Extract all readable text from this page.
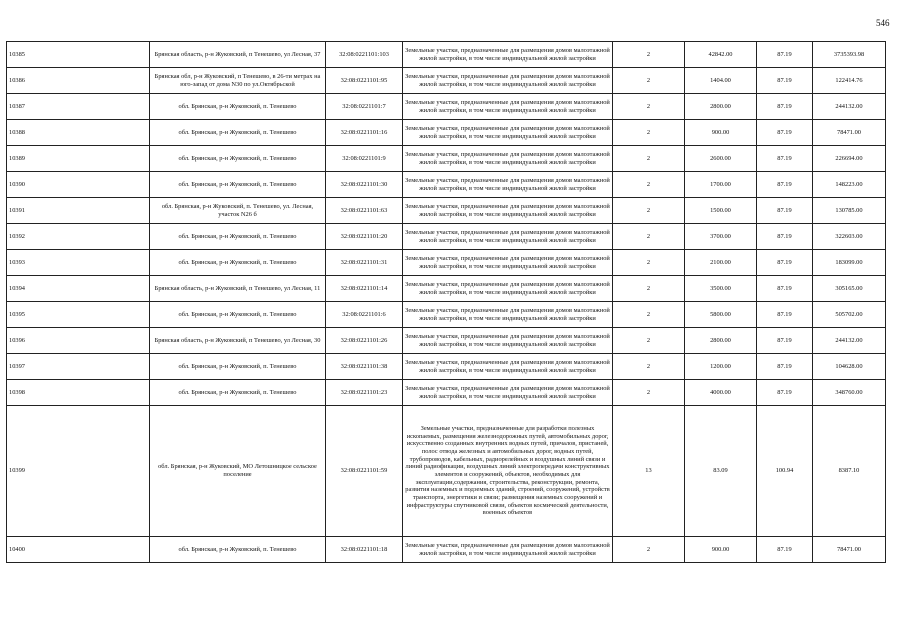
546
10385	Брянская область, р-н Жуковский, п Тенешево, ул Лесная, 37	32:08:0221101:103	Земельные участки, предназначенные для размещения домов малоэтажной жилой застройки, в том числе индивидуальной жилой застройки	2	42842.00	87.19	3735393.98
10386	Брянская обл, р-н Жуковский, п Тенешево, в 26-ти метрах на юго-запад от дома N30 по ул.Октябрьской	32:08:0221101:95	Земельные участки, предназначенные для размещения домов малоэтажной жилой застройки, в том числе индивидуальной жилой застройки	2	1404.00	87.19	122414.76
10387	обл. Брянская, р-н Жуковский, п. Тенешево	32:08:0221101:7	Земельные участки, предназначенные для размещения домов малоэтажной жилой застройки, в том числе индивидуальной жилой застройки	2	2800.00	87.19	244132.00
10388	обл. Брянская, р-н Жуковский, п. Тенешево	32:08:0221101:16	Земельные участки, предназначенные для размещения домов малоэтажной жилой застройки, в том числе индивидуальной жилой застройки	2	900.00	87.19	78471.00
10389	обл. Брянская, р-н Жуковский, п. Тенешево	32:08:0221101:9	Земельные участки, предназначенные для размещения домов малоэтажной жилой застройки, в том числе индивидуальной жилой застройки	2	2600.00	87.19	226694.00
10390	обл. Брянская, р-н Жуковский, п. Тенешево	32:08:0221101:30	Земельные участки, предназначенные для размещения домов малоэтажной жилой застройки, в том числе индивидуальной жилой застройки	2	1700.00	87.19	148223.00
10391	обл. Брянская, р-н Жуковский, п. Тенешево, ул. Лесная, участок N26 б	32:08:0221101:63	Земельные участки, предназначенные для размещения домов малоэтажной жилой застройки, в том числе индивидуальной жилой застройки	2	1500.00	87.19	130785.00
10392	обл. Брянская, р-н Жуковский, п. Тенешево	32:08:0221101:20	Земельные участки, предназначенные для размещения домов малоэтажной жилой застройки, в том числе индивидуальной жилой застройки	2	3700.00	87.19	322603.00
10393	обл. Брянская, р-н Жуковский, п. Тенешево	32:08:0221101:31	Земельные участки, предназначенные для размещения домов малоэтажной жилой застройки, в том числе индивидуальной жилой застройки	2	2100.00	87.19	183099.00
10394	Брянская область, р-н Жуковский, п Тенешево, ул Лесная, 11	32:08:0221101:14	Земельные участки, предназначенные для размещения домов малоэтажной жилой застройки, в том числе индивидуальной жилой застройки	2	3500.00	87.19	305165.00
10395	обл. Брянская, р-н Жуковский, п. Тенешево	32:08:0221101:6	Земельные участки, предназначенные для размещения домов малоэтажной жилой застройки, в том числе индивидуальной жилой застройки	2	5800.00	87.19	505702.00
10396	Брянская область, р-н Жуковский, п Тенешево, ул Лесная, 30	32:08:0221101:26	Земельные участки, предназначенные для размещения домов малоэтажной жилой застройки, в том числе индивидуальной жилой застройки	2	2800.00	87.19	244132.00
10397	обл. Брянская, р-н Жуковский, п. Тенешево	32:08:0221101:38	Земельные участки, предназначенные для размещения домов малоэтажной жилой застройки, в том числе индивидуальной жилой застройки	2	1200.00	87.19	104628.00
10398	обл. Брянская, р-н Жуковский, п. Тенешево	32:08:0221101:23	Земельные участки, предназначенные для размещения домов малоэтажной жилой застройки, в том числе индивидуальной жилой застройки	2	4000.00	87.19	348760.00
10399	обл. Брянская, р-н Жуковский, МО Летошницкое сельское поселение	32:08:0221101:59	Земельные участки, предназначенные для разработки полезных ископаемых, размещения железнодорожных путей, автомобильных дорог, искусственно созданных внутренних водных путей, причалов, пристаней, полос отвода железных и автомобильных дорог, водных путей, трубопроводов, кабельных, радиорелейных и воздушных линий связи и линий радиофикации, воздушных линий электропередачи конструктивных элементов и сооружений, объектов, необходимых для эксплуатации,содержания, строительства, реконструкции, ремонта, развития наземных и подземных зданий, строений, сооружений, устройств транспорта, энергетики и связи; размещения наземных сооружений и инфраструктуры спутниковой связи, объектов космической деятельности, военных объектов	13	83.09	100.94	8387.10
10400	обл. Брянская, р-н Жуковский, п. Тенешево	32:08:0221101:18	Земельные участки, предназначенные для размещения домов малоэтажной жилой застройки, в том числе индивидуальной жилой застройки	2	900.00	87.19	78471.00
